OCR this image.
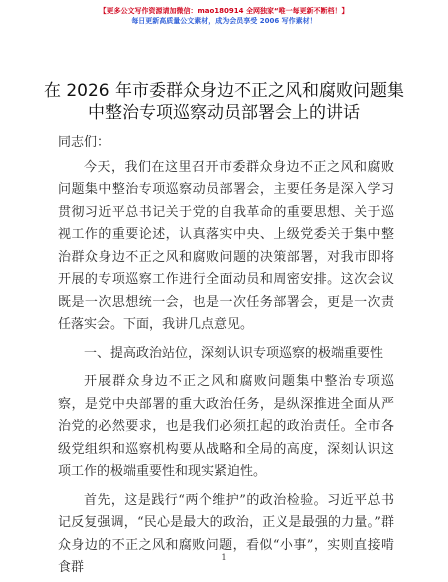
【更多公文写作资源请加微信：mao180914 全网独家“唯一每更新不断档！】
每日更新高质量公文素材，成为会员享受 2006 写作素材！
在 2026 年市委群众身边不正之风和腐败问题集中整治专项巡察动员部署会上的讲话

同志们：

今天，我们在这里召开市委群众身边不正之风和腐败问题集中整治专项巡察动员部署会，主要任务是深入学习贯彻习近平总书记关于党的自我革命的重要思想、关于巡视工作的重要论述，认真落实中央、上级党委关于集中整治群众身边不正之风和腐败问题的决策部署，对我市即将开展的专项巡察工作进行全面动员和周密安排。这次会议既是一次思想统一会，也是一次任务部署会，更是一次责任落实会。下面，我讲几点意见。

一、提高政治站位，深刻认识专项巡察的极端重要性

开展群众身边不正之风和腐败问题集中整治专项巡察，是党中央部署的重大政治任务，是纵深推进全面从严治党的必然要求，也是我们必须扛起的政治责任。全市各级党组织和巡察机构要从战略和全局的高度，深刻认识这项工作的极端重要性和现实紧迫性。

首先，这是践行“两个维护”的政治检验。习近平总书记反复强调，“民心是最大的政治，正义是最强的力量。”群众身边的不正之风和腐败问题，看似“小事”，实则直接啃食群

1
